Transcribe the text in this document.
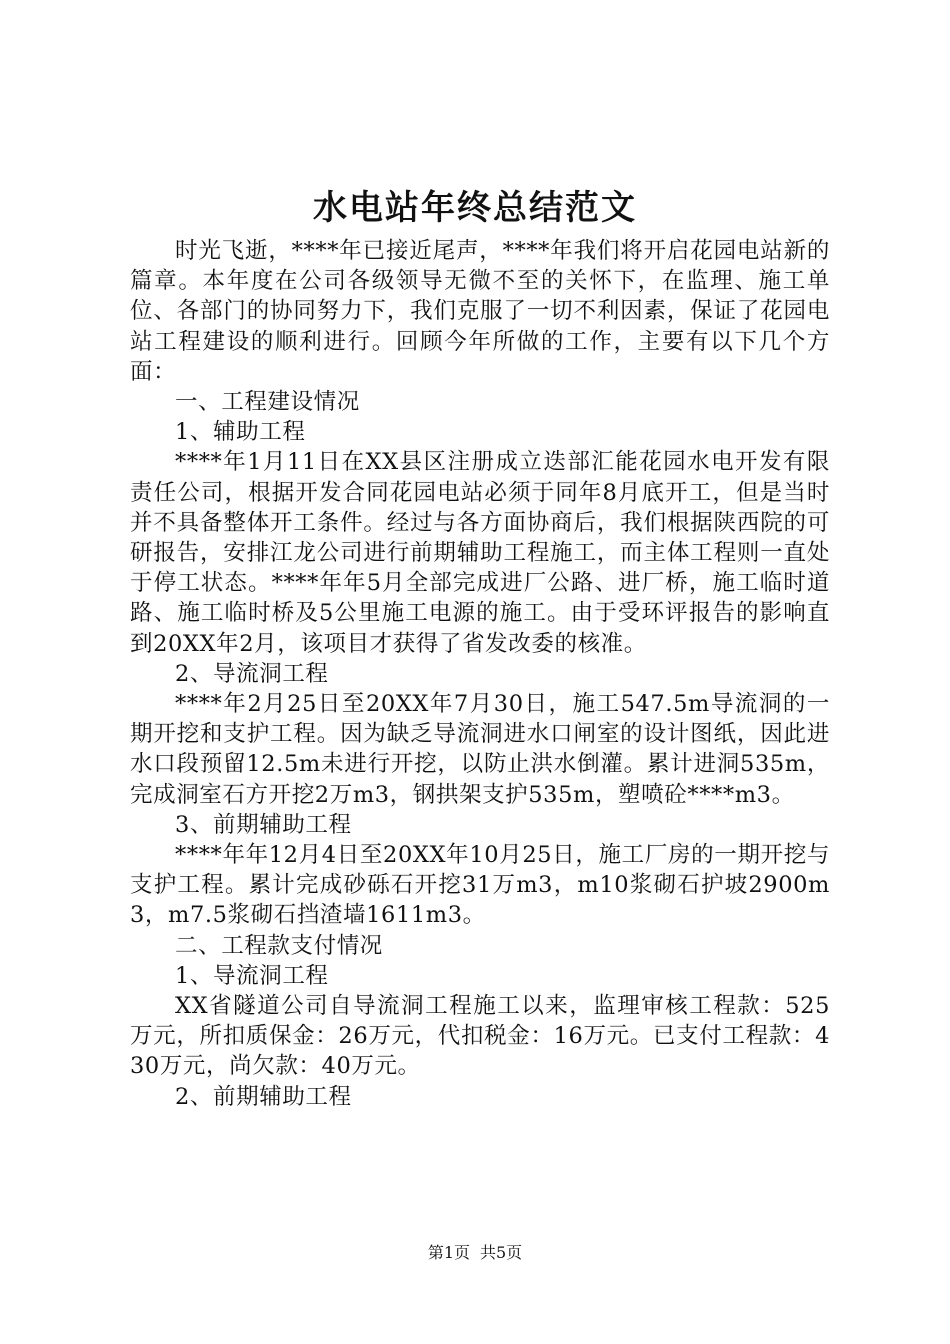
水电站年终总结范文

时光飞逝，****年已接近尾声，****年我们将开启花园电站新的篇章。本年度在公司各级领导无微不至的关怀下，在监理、施工单位、各部门的协同努力下，我们克服了一切不利因素，保证了花园电站工程建设的顺利进行。回顾今年所做的工作，主要有以下几个方面：

一、工程建设情况

1、辅助工程

****年1月11日在XX县区注册成立迭部汇能花园水电开发有限责任公司，根据开发合同花园电站必须于同年8月底开工，但是当时并不具备整体开工条件。经过与各方面协商后，我们根据陕西院的可研报告，安排江龙公司进行前期辅助工程施工，而主体工程则一直处于停工状态。****年年5月全部完成进厂公路、进厂桥，施工临时道路、施工临时桥及5公里施工电源的施工。由于受环评报告的影响直到20XX年2月，该项目才获得了省发改委的核准。

2、导流洞工程

****年2月25日至20XX年7月30日，施工547.5m导流洞的一期开挖和支护工程。因为缺乏导流洞进水口闸室的设计图纸，因此进水口段预留12.5m未进行开挖，以防止洪水倒灌。累计进洞535m，完成洞室石方开挖2万m3，钢拱架支护535m，塑喷砼****m3。

3、前期辅助工程

****年年12月4日至20XX年10月25日，施工厂房的一期开挖与支护工程。累计完成砂砾石开挖31万m3，m10浆砌石护坡2900m3，m7.5浆砌石挡渣墙1611m3。

二、工程款支付情况

1、导流洞工程

XX省隧道公司自导流洞工程施工以来，监理审核工程款：525万元，所扣质保金：26万元，代扣税金：16万元。已支付工程款：430万元，尚欠款：40万元。

2、前期辅助工程

第1页 共5页
